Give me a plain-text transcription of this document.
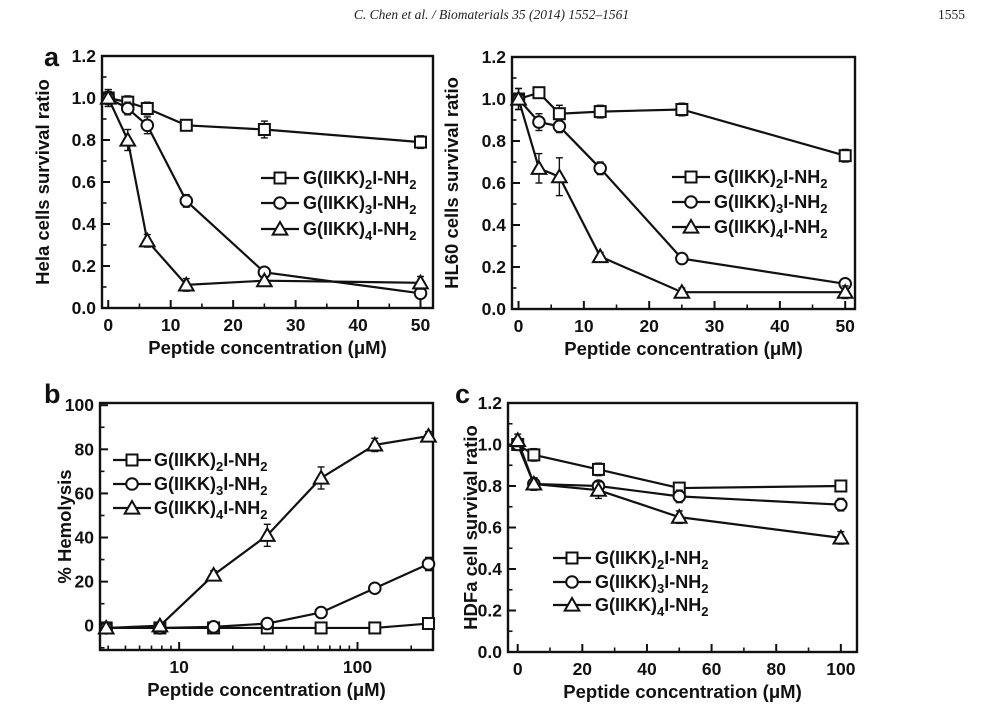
C. Chen et al. / Biomaterials 35 (2014) 1552–1561	1555
0	10 20 30 40 50
0.0
0.2
0.4
0.6
0.8
1.0
1.2
Peptide concentration (μM)
Hela cells survival ratio	$G(IIKK)_2I-NH_2$
$G(IIKK)_3I-NH_2$
$G(IIKK)_4I-NH_2$
a
0	10	20	30	40	50
0.0
0.2
0.4
0.6
0.8
1.0
1.2
Peptide concentration (μM)
HL60 cells survival ratio	$G(IIKK)_2I-NH_2$
$G(IIKK)_3I-NH_2$
$G(IIKK)_4I-NH_2$
10	100
0
20
40
60
80
100
Peptide concentration (μM)
% Hemolysis
$G(IIKK)_2I-NH_2$
$G(IIKK)_3I-NH_2$
$G(IIKK)_4I-NH_2$
b
0	20	40	60	80 100
0.0
0.2
0.4
0.6
0.8
1.0
1.2
Peptide concentration (μM)
HDFa cell survival ratio	$G(IIKK)_2I-NH_2$
$G(IIKK)_3I-NH_2$
$G(IIKK)_4I-NH_2$
c
